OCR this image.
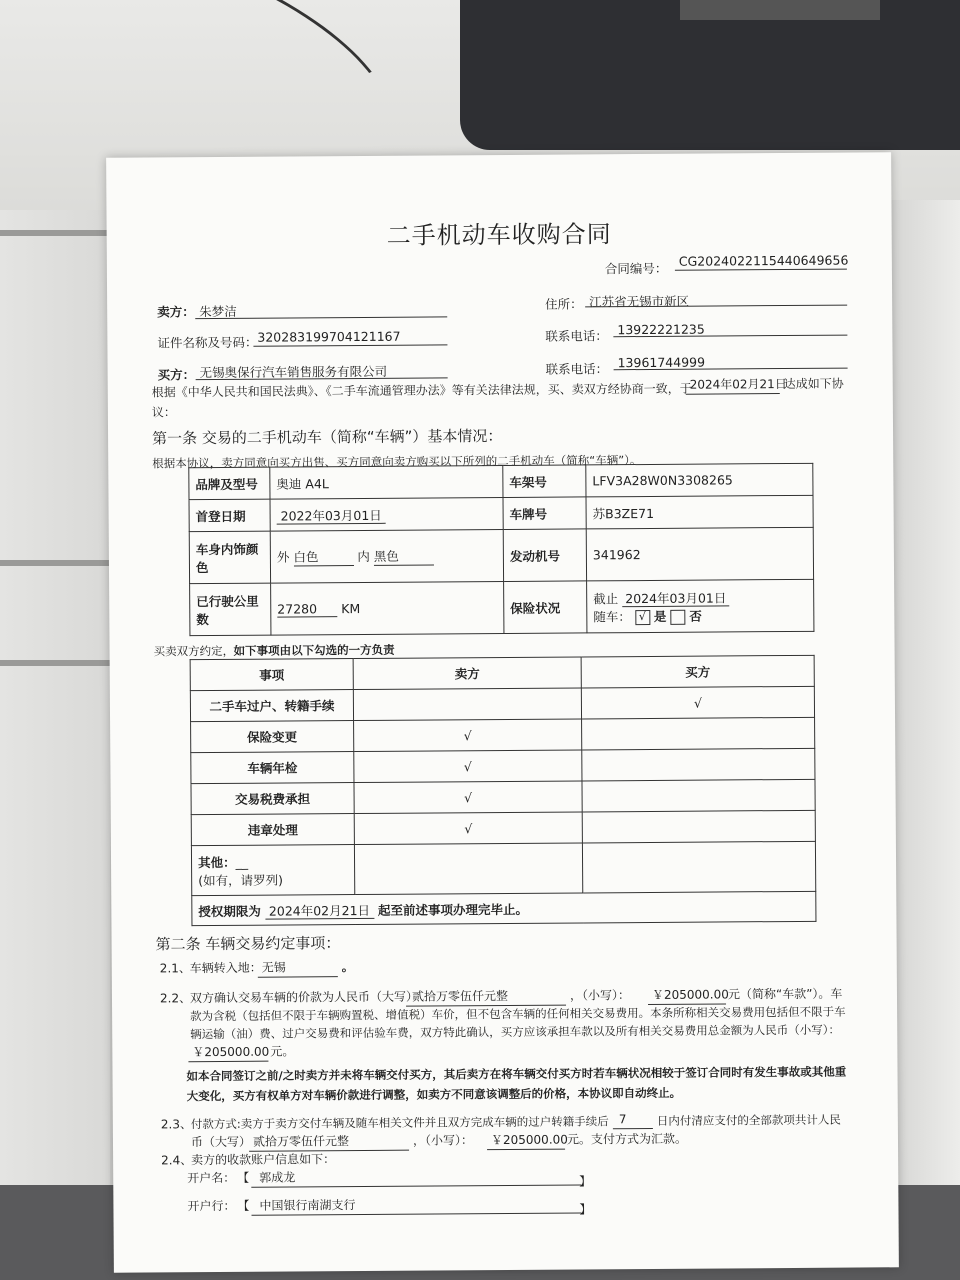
二手机动车收购合同
合同编号： CG2024022115440649656
卖方： 朱梦洁	住所： 江苏省无锡市新区
证件名称及号码： 320283199704121167	联系电话： 13922221235
买方： 无锡奥保行汽车销售服务有限公司	联系电话： 13961744999
根据《中华人民共和国民法典》、《二手车流通管理办法》等有关法律法规，买、卖双方经协商一致，于
2024年02月21日
达成如下协
议：
第一条 交易的二手机动车（简称“车辆”）基本情况：
根据本协议，卖方同意向买方出售、买方同意向卖方购买以下所列的二手机动车（简称“车辆”）。
品牌及型号	奥迪 A4L	车架号	LFV3A28W0N3308265
首登日期	2022年03月01日	车牌号	苏B3ZE71
车身内饰颜色	外 白色 内 黑色	发动机号	341962
已行驶公里数	27280 KM	保险状况	截止 2024年03月01日
随车： √ 是 否
买卖双方约定， 如下事项由以下勾选的一方负责
事项	卖方	买方
二手车过户、转籍手续		√
保险变更	√	
车辆年检	√	
交易税费承担	√	
违章处理	√	

其他：__
(如有，请罗列)		

授权期限为 2024年02月21日 起至前述事项办理完毕止。		
第二条 车辆交易约定事项：
2.1、
车辆转入地： 无锡	。
2.2、
双方确认交易车辆的价款为人民币（大写）
贰拾万零伍仟元整	，（小写）： ￥205000.00
元（简称“车款”）。车
款为含税（包括但不限于车辆购置税、增值税）车价，但不包含车辆的任何相关交易费用。本条所称相关交易费用包括但不限于车
辆运输（油）费、过户交易费和评估验车费，双方特此确认，买方应该承担车款以及所有相关交易费用总金额为人民币（小写）：
￥205000.00 元。
如本合同签订之前/之时卖方并未将车辆交付买方，其后卖方在将车辆交付买方时若车辆状况相较于签订合同时有发生事故或其他重
大变化，买方有权单方对车辆价款进行调整，如卖方不同意该调整后的价格，本协议即自动终止。
2.3、
付款方式:卖方于卖方交付车辆及随车相关文件并且双方完成车辆的过户转籍手续后 7	日内付清应支付的全部款项共计人民
币（大写） 贰拾万零伍仟元整	，（小写）： ￥205000.00
元。支付方式为汇款。
2.4、
卖方的收款账户信息如下：
开户名： 【 郭成龙	】
开户行： 【 中国银行南湖支行	】
